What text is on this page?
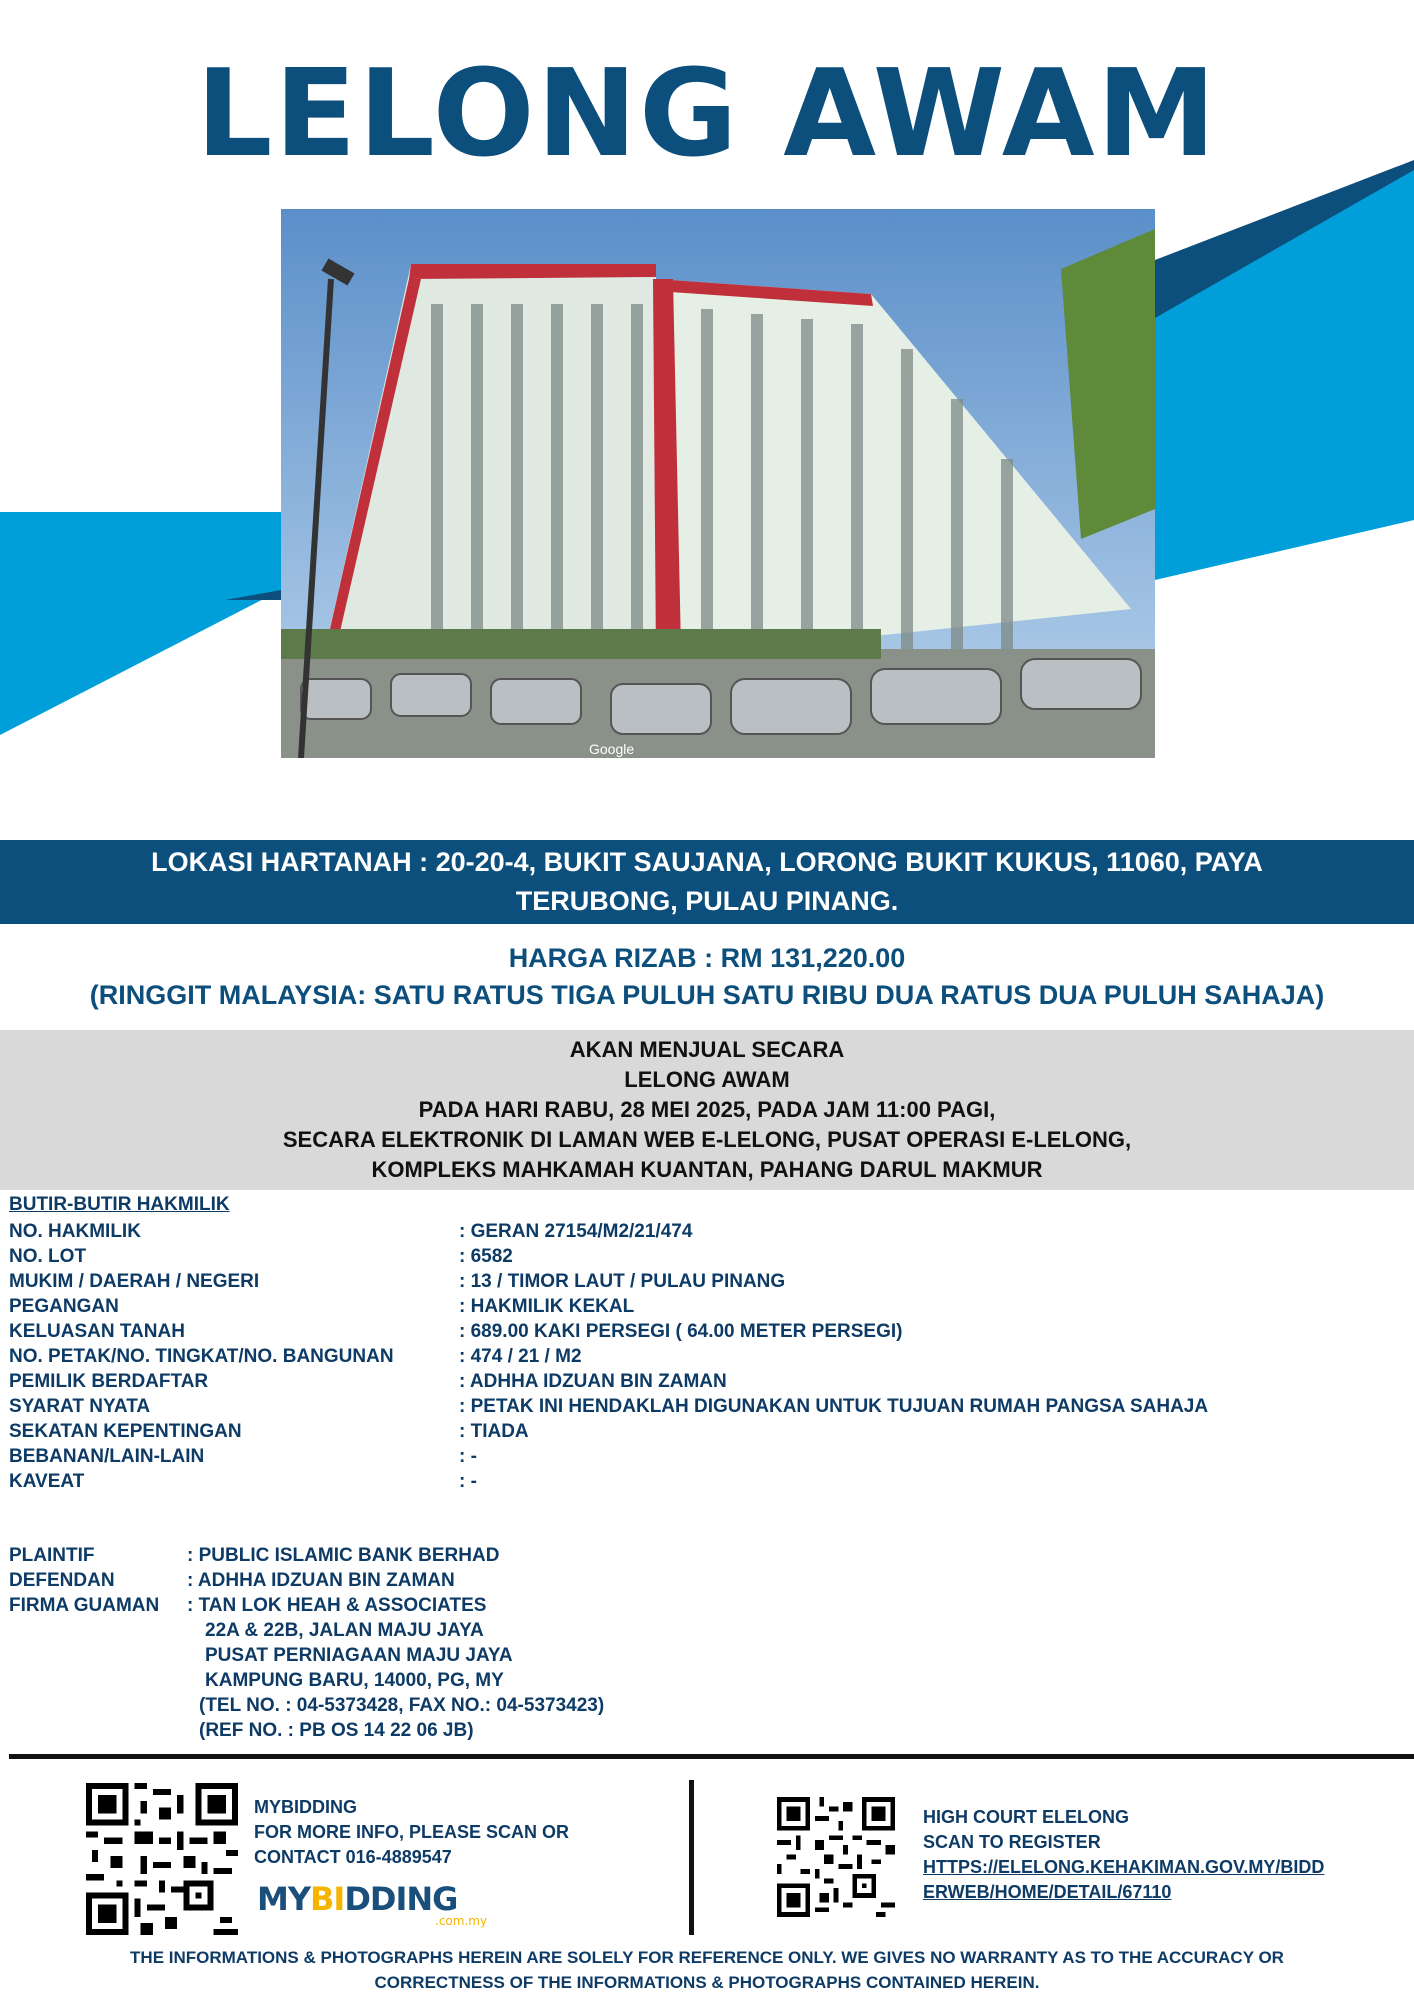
LELONG AWAM
Google
LOKASI HARTANAH : 20-20-4, BUKIT SAUJANA, LORONG BUKIT KUKUS, 11060, PAYA
TERUBONG, PULAU PINANG.
HARGA RIZAB : RM 131,220.00
(RINGGIT MALAYSIA: SATU RATUS TIGA PULUH SATU RIBU DUA RATUS DUA PULUH SAHAJA)
AKAN MENJUAL SECARA
LELONG AWAM
PADA HARI RABU, 28 MEI 2025, PADA JAM 11:00 PAGI,
SECARA ELEKTRONIK DI LAMAN WEB E-LELONG, PUSAT OPERASI E-LELONG,
KOMPLEKS MAHKAMAH KUANTAN, PAHANG DARUL MAKMUR
BUTIR-BUTIR HAKMILIK
NO. HAKMILIK	: GERAN 27154/M2/21/474
NO. LOT	: 6582
MUKIM / DAERAH / NEGERI	: 13 / TIMOR LAUT / PULAU PINANG
PEGANGAN	: HAKMILIK KEKAL
KELUASAN TANAH	: 689.00 KAKI PERSEGI ( 64.00 METER PERSEGI)
NO. PETAK/NO. TINGKAT/NO. BANGUNAN	: 474 / 21 / M2
PEMILIK BERDAFTAR	: ADHHA IDZUAN BIN ZAMAN
SYARAT NYATA	: PETAK INI HENDAKLAH DIGUNAKAN UNTUK TUJUAN RUMAH PANGSA SAHAJA
SEKATAN KEPENTINGAN	: TIADA
BEBANAN/LAIN-LAIN	: -
KAVEAT	: -
PLAINTIF	: PUBLIC ISLAMIC BANK BERHAD
DEFENDAN	: ADHHA IDZUAN BIN ZAMAN
FIRMA GUAMAN	: TAN LOK HEAH & ASSOCIATES
22A & 22B, JALAN MAJU JAYA
PUSAT PERNIAGAAN MAJU JAYA
KAMPUNG BARU, 14000, PG, MY
(TEL NO. : 04-5373428, FAX NO.: 04-5373423)
(REF NO. : PB OS 14 22 06 JB)
MYBIDDING
FOR MORE INFO, PLEASE SCAN OR
CONTACT 016-4889547
MYBIDDING
.com.my
HIGH COURT ELELONG
SCAN TO REGISTER
HTTPS://ELELONG.KEHAKIMAN.GOV.MY/BIDD
ERWEB/HOME/DETAIL/67110
THE INFORMATIONS & PHOTOGRAPHS HEREIN ARE SOLELY FOR REFERENCE ONLY. WE GIVES NO WARRANTY AS TO THE ACCURACY OR
CORRECTNESS OF THE INFORMATIONS & PHOTOGRAPHS CONTAINED HEREIN.
